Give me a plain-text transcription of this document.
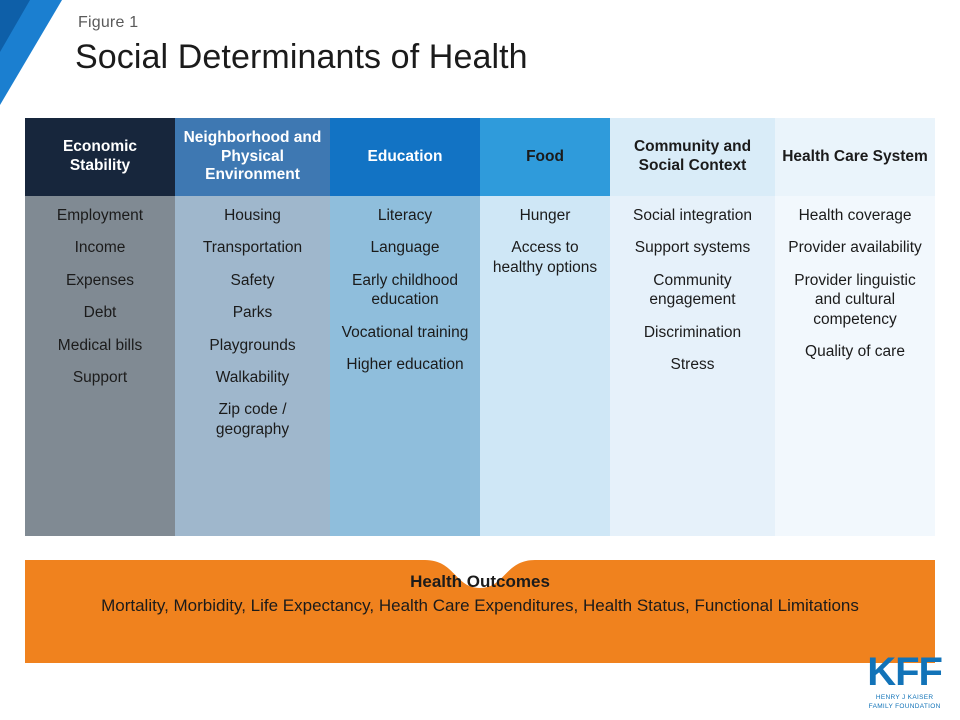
Figure 1
Social Determinants of Health
Economic Stability
Employment
Income
Expenses
Debt
Medical bills
Support
Neighborhood and Physical Environment
Housing
Transportation
Safety
Parks
Playgrounds
Walkability
Zip code / geography
Education
Literacy
Language
Early childhood education
Vocational training
Higher education
Food
Hunger
Access to healthy options
Community and Social Context
Social integration
Support systems
Community engagement
Discrimination
Stress
Health Care System
Health coverage
Provider availability
Provider linguistic and cultural competency
Quality of care
Health Outcomes
Mortality, Morbidity, Life Expectancy, Health Care Expenditures, Health Status, Functional Limitations
KFF
HENRY J KAISER
FAMILY FOUNDATION
